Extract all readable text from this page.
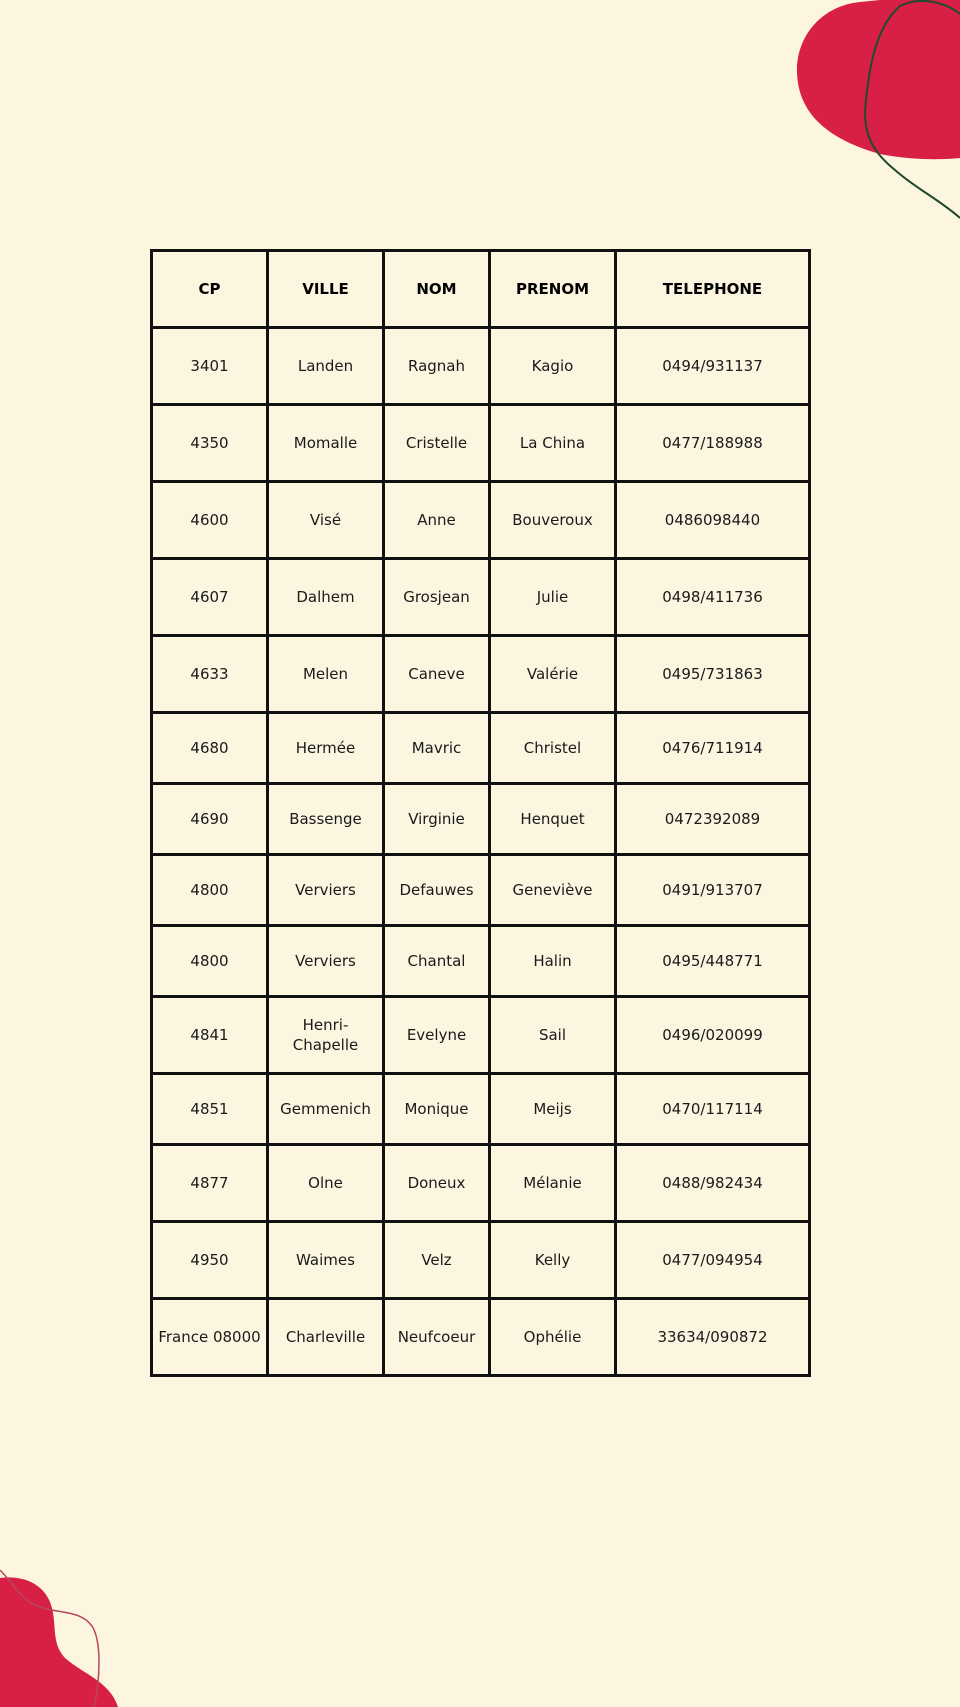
CP	VILLE	NOM	PRENOM	TELEPHONE
3401	Landen	Ragnah	Kagio	0494/931137
4350	Momalle	Cristelle	La China	0477/188988
4600	Visé	Anne	Bouveroux	0486098440
4607	Dalhem	Grosjean	Julie	0498/411736
4633	Melen	Caneve	Valérie	0495/731863
4680	Hermée	Mavric	Christel	0476/711914
4690	Bassenge	Virginie	Henquet	0472392089
4800	Verviers	Defauwes	Geneviève	0491/913707
4800	Verviers	Chantal	Halin	0495/448771
4841	Henri-Chapelle	Evelyne	Sail	0496/020099
4851	Gemmenich	Monique	Meijs	0470/117114
4877	Olne	Doneux	Mélanie	0488/982434
4950	Waimes	Velz	Kelly	0477/094954
France 08000	Charleville	Neufcoeur	Ophélie	33634/090872
